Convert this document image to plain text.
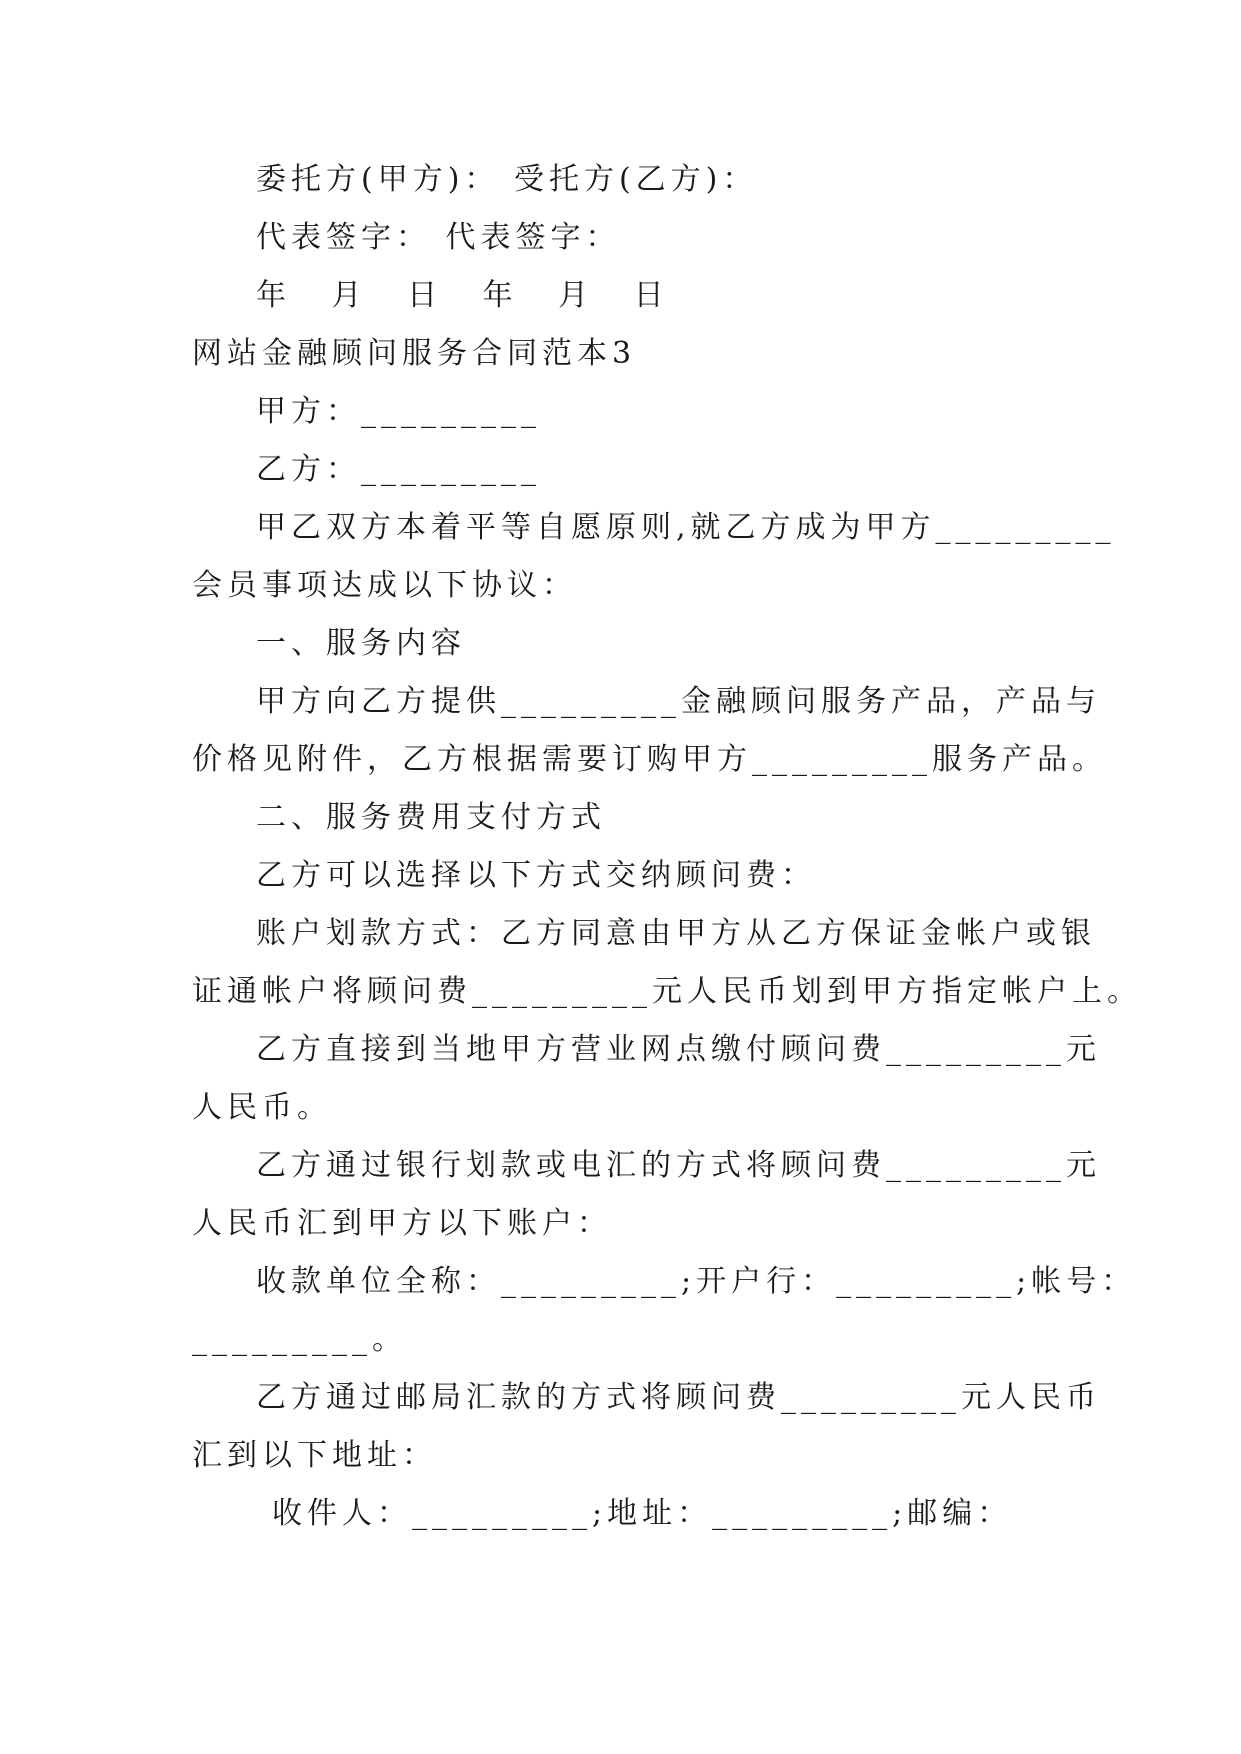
委托方(甲方)： 受托方(乙方)：
代表签字： 代表签字：
年 月 日 年 月 日
网站金融顾问服务合同范本3
甲方：_________
乙方：_________
甲乙双方本着平等自愿原则,就乙方成为甲方_________
会员事项达成以下协议：
一、服务内容
甲方向乙方提供_________金融顾问服务产品，产品与
价格见附件，乙方根据需要订购甲方_________服务产品。
二、服务费用支付方式
乙方可以选择以下方式交纳顾问费：
账户划款方式：乙方同意由甲方从乙方保证金帐户或银
证通帐户将顾问费_________元人民币划到甲方指定帐户上。
乙方直接到当地甲方营业网点缴付顾问费_________元
人民币。
乙方通过银行划款或电汇的方式将顾问费_________元
人民币汇到甲方以下账户：
收款单位全称：_________;开户行：_________;帐号：
_________。
乙方通过邮局汇款的方式将顾问费_________元人民币
汇到以下地址：
收件人：_________;地址：_________;邮编：
